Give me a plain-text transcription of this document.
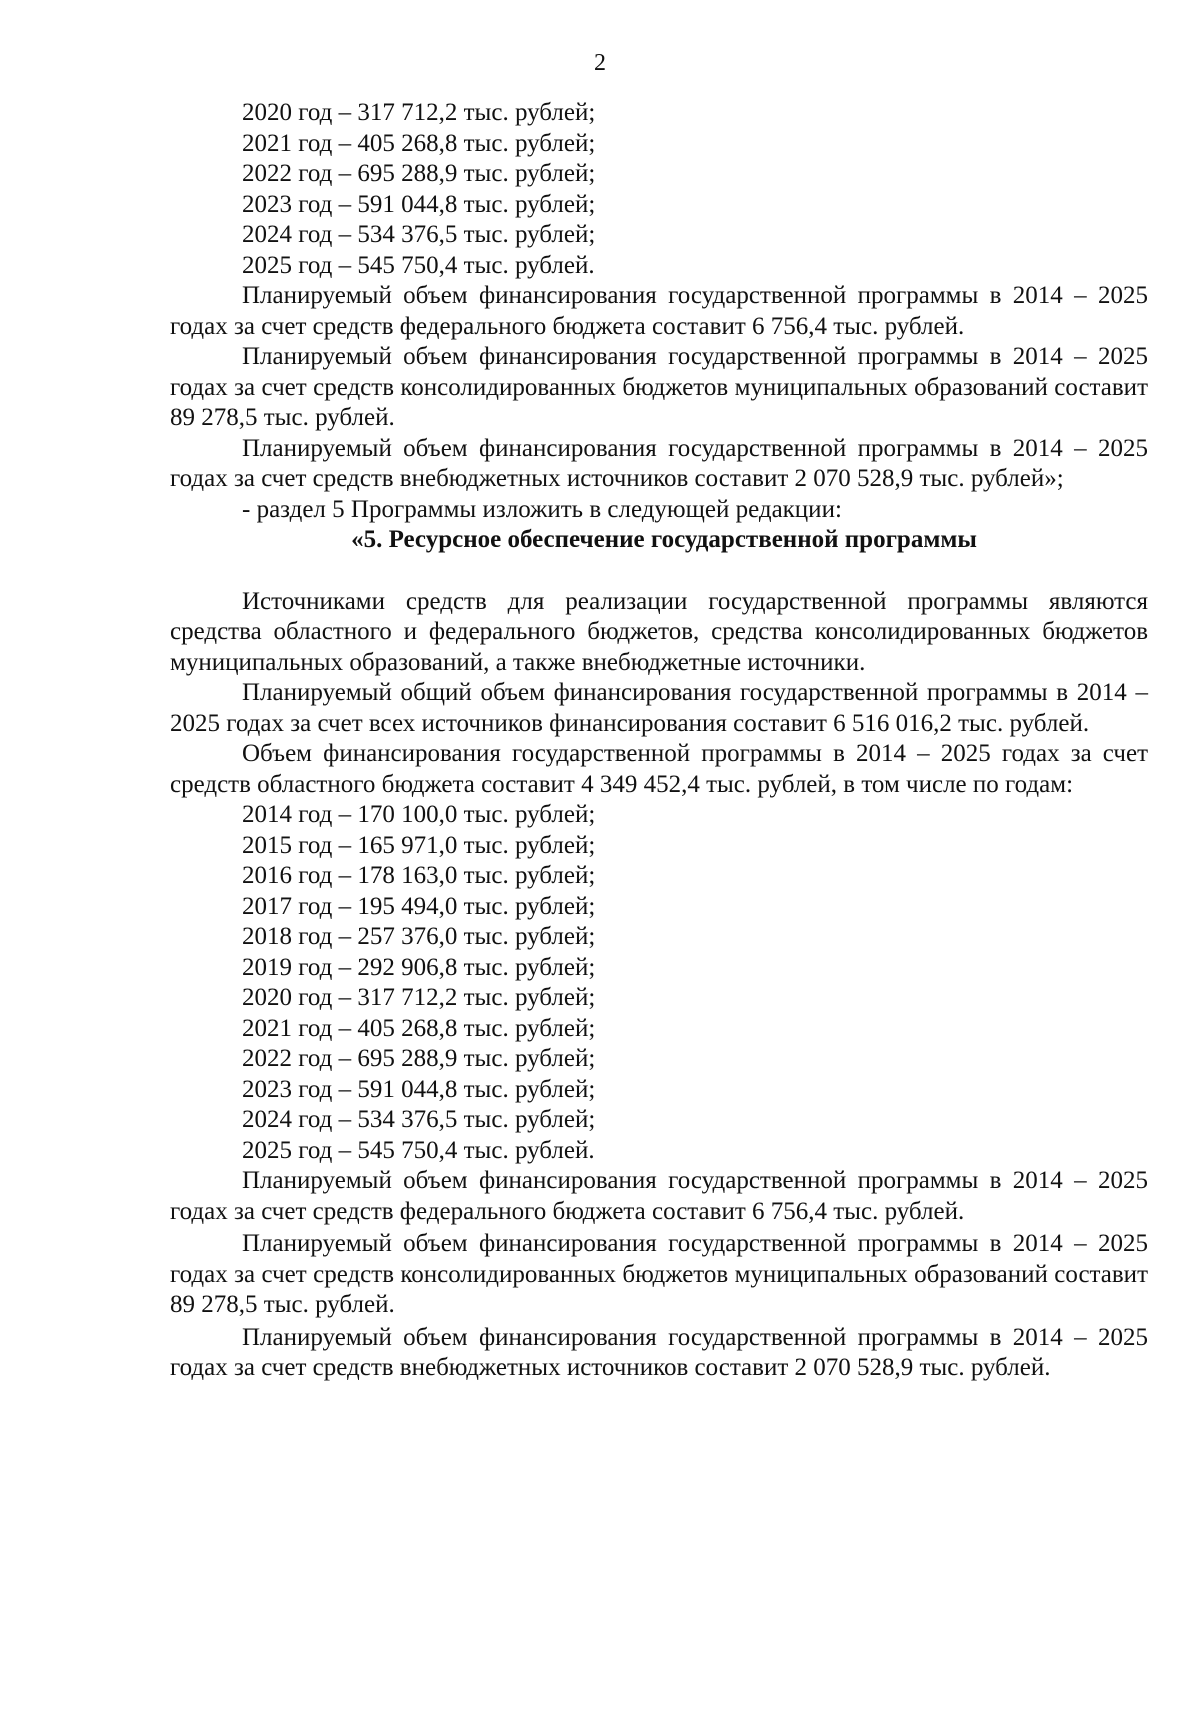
2
2020 год – 317 712,2 тыс. рублей;
2021 год – 405 268,8 тыс. рублей;
2022 год – 695 288,9 тыс. рублей;
2023 год – 591 044,8 тыс. рублей;
2024 год – 534 376,5 тыс. рублей;
2025 год – 545 750,4 тыс. рублей.

Планируемый объем финансирования государственной программы в 2014 – 2025 годах за счет средств федерального бюджета составит 6 756,4 тыс. рублей.

Планируемый объем финансирования государственной программы в 2014 – 2025 годах за счет средств консолидированных бюджетов муниципальных образований составит 89 278,5 тыс. рублей.

Планируемый объем финансирования государственной программы в 2014 – 2025 годах за счет средств внебюджетных источников составит 2 070 528,9 тыс. рублей»;

- раздел 5 Программы изложить в следующей редакции:

«5. Ресурсное обеспечение государственной программы

Источниками средств для реализации государственной программы являются средства областного и федерального бюджетов, средства консолидированных бюджетов муниципальных образований, а также внебюджетные источники.

Планируемый общий объем финансирования государственной программы в 2014 – 2025 годах за счет всех источников финансирования составит 6 516 016,2 тыс. рублей.

Объем финансирования государственной программы в 2014 – 2025 годах за счет средств областного бюджета составит 4 349 452,4 тыс. рублей, в том числе по годам:

2014 год – 170 100,0 тыс. рублей;
2015 год – 165 971,0 тыс. рублей;
2016 год – 178 163,0 тыс. рублей;
2017 год – 195 494,0 тыс. рублей;
2018 год – 257 376,0 тыс. рублей;
2019 год – 292 906,8 тыс. рублей;
2020 год – 317 712,2 тыс. рублей;
2021 год – 405 268,8 тыс. рублей;
2022 год – 695 288,9 тыс. рублей;
2023 год – 591 044,8 тыс. рублей;
2024 год – 534 376,5 тыс. рублей;
2025 год – 545 750,4 тыс. рублей.

Планируемый объем финансирования государственной программы в 2014 – 2025 годах за счет средств федерального бюджета составит 6 756,4 тыс. рублей.

Планируемый объем финансирования государственной программы в 2014 – 2025 годах за счет средств консолидированных бюджетов муниципальных образований составит 89 278,5 тыс. рублей.

Планируемый объем финансирования государственной программы в 2014 – 2025 годах за счет средств внебюджетных источников составит 2 070 528,9 тыс. рублей.
